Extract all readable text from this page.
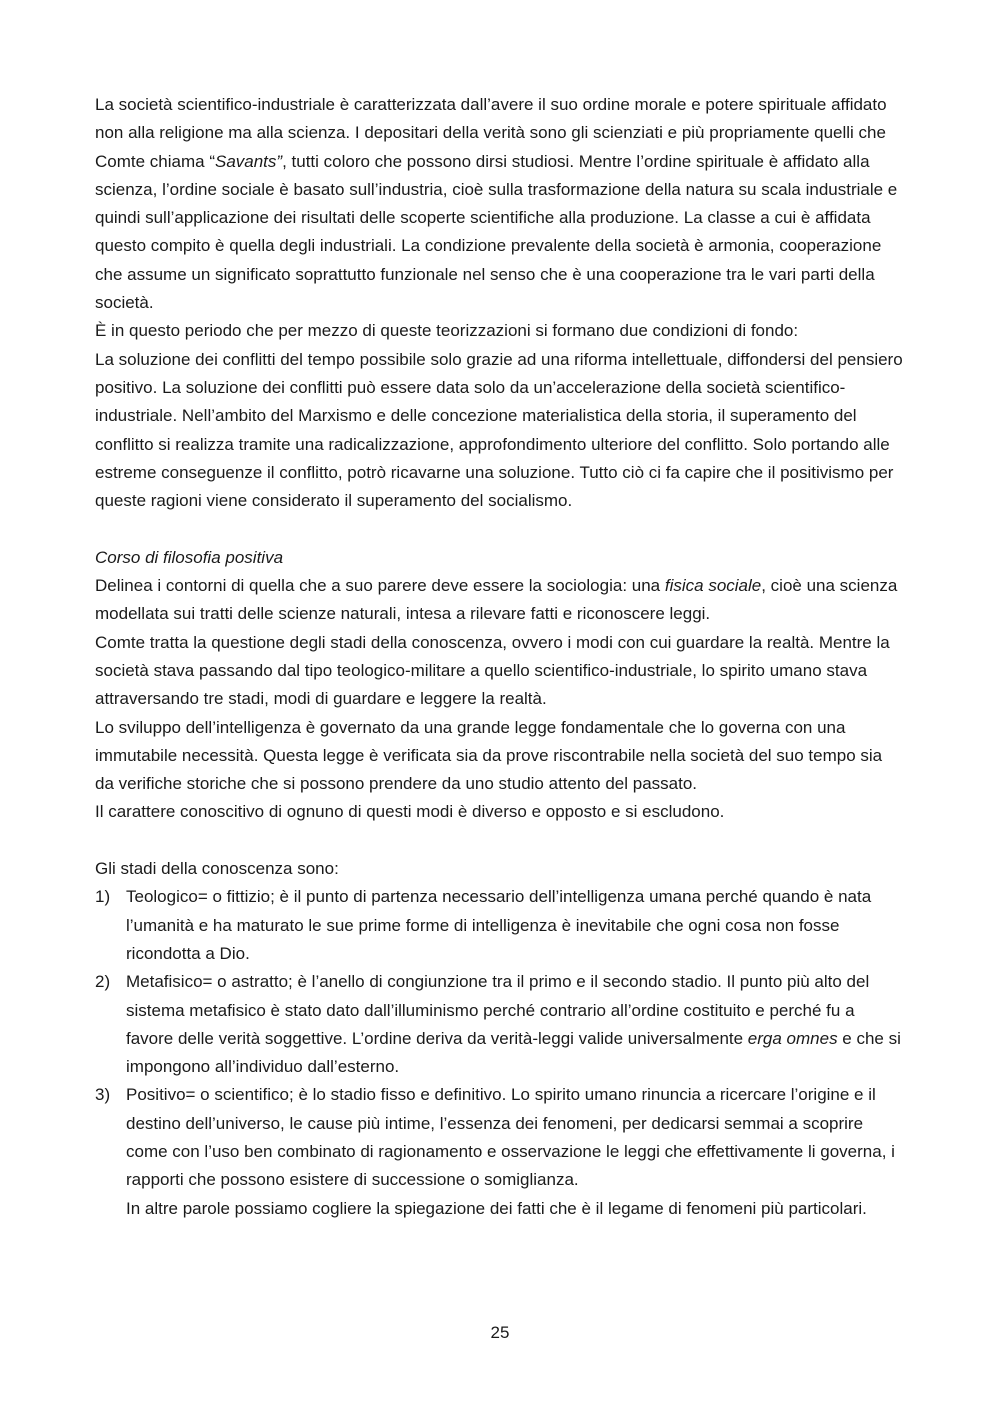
La società scientifico-industriale è caratterizzata dall’avere il suo ordine morale e potere spirituale affidato non alla religione ma alla scienza. I depositari della verità sono gli scienziati e più propriamente quelli che Comte chiama “Savants”, tutti coloro che possono dirsi studiosi. Mentre l’ordine spirituale è affidato alla scienza, l’ordine sociale è basato sull’industria, cioè sulla trasformazione della natura su scala industriale e quindi sull’applicazione dei risultati delle scoperte scientifiche alla produzione. La classe a cui è affidata questo compito è quella degli industriali. La condizione prevalente della società è armonia, cooperazione che assume un significato soprattutto funzionale nel senso che è una cooperazione tra le vari parti della società.

È in questo periodo che per mezzo di queste teorizzazioni si formano due condizioni di fondo:

La soluzione dei conflitti del tempo possibile solo grazie ad una riforma intellettuale, diffondersi del pensiero positivo. La soluzione dei conflitti può essere data solo da un’accelerazione della società scientifico-industriale. Nell’ambito del Marxismo e delle concezione materialistica della storia, il superamento del conflitto si realizza tramite una radicalizzazione, approfondimento ulteriore del conflitto. Solo portando alle estreme conseguenze il conflitto, potrò ricavarne una soluzione. Tutto ciò ci fa capire che il positivismo per queste ragioni viene considerato il superamento del socialismo.

Corso di filosofia positiva

Delinea i contorni di quella che a suo parere deve essere la sociologia: una fisica sociale, cioè una scienza modellata sui tratti delle scienze naturali, intesa a rilevare fatti e riconoscere leggi.

Comte tratta la questione degli stadi della conoscenza, ovvero i modi con cui guardare la realtà. Mentre la società stava passando dal tipo teologico-militare a quello scientifico-industriale, lo spirito umano stava attraversando tre stadi, modi di guardare e leggere la realtà.

Lo sviluppo dell’intelligenza è governato da una grande legge fondamentale che lo governa con una immutabile necessità. Questa legge è verificata sia da prove riscontrabile nella società del suo tempo sia da verifiche storiche che si possono prendere da uno studio attento del passato.

Il carattere conoscitivo di ognuno di questi modi è diverso e opposto e si escludono.

Gli stadi della conoscenza sono:

1) Teologico= o fittizio; è il punto di partenza necessario dell’intelligenza umana perché quando è nata l’umanità e ha maturato le sue prime forme di intelligenza è inevitabile che ogni cosa non fosse ricondotta a Dio.
2) Metafisico= o astratto; è l’anello di congiunzione tra il primo e il secondo stadio. Il punto più alto del sistema metafisico è stato dato dall’illuminismo perché contrario all’ordine costituito e perché fu a favore delle verità soggettive. L’ordine deriva da verità-leggi valide universalmente erga omnes e che si impongono all’individuo dall’esterno.
3) Positivo= o scientifico; è lo stadio fisso e definitivo. Lo spirito umano rinuncia a ricercare l’origine e il destino dell’universo, le cause più intime, l’essenza dei fenomeni, per dedicarsi semmai a scoprire come con l’uso ben combinato di ragionamento e osservazione le leggi che effettivamente li governa, i rapporti che possono esistere di successione o somiglianza.
In altre parole possiamo cogliere la spiegazione dei fatti che è il legame di fenomeni più particolari.
25
